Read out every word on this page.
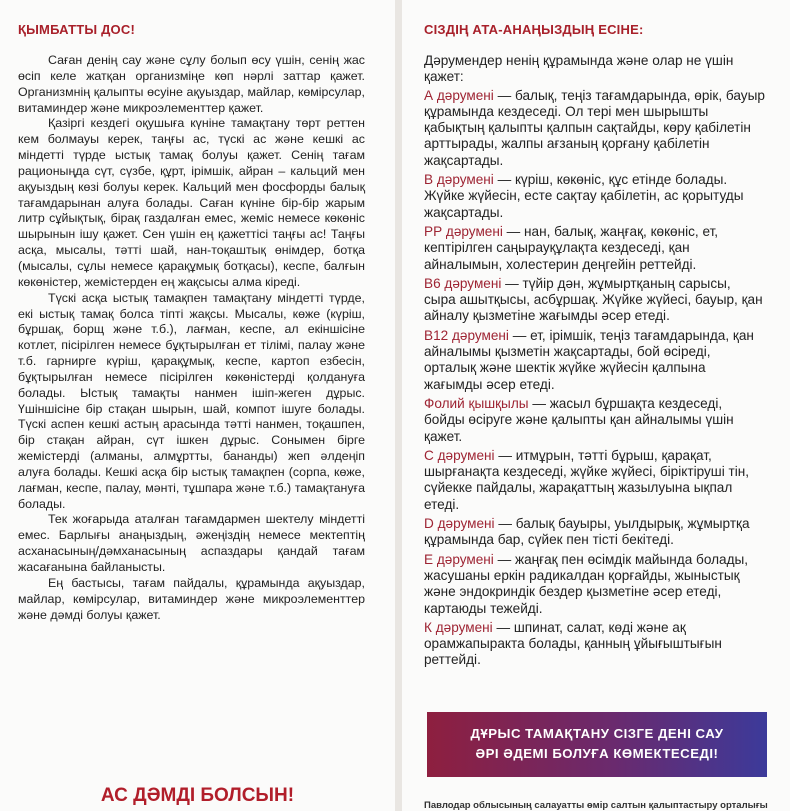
ҚЫМБАТТЫ ДОС!

Саған денің сау және сұлу болып өсу үшін, сенің жас өсіп келе жатқан организміңе көп нәрлі заттар қажет. Организмнің қалыпты өсуіне ақуыздар, майлар, көмірсулар, витаминдер және микроэлементтер қажет.

Қазіргі кездегі оқушыға күніне тамақтану төрт реттен кем болмауы керек, таңғы ас, түскі ас және кешкі ас міндетті түрде ыстық тамақ болуы қажет. Сенің тағам рационыңда сүт, сүзбе, құрт, ірімшік, айран – кальций мен ақуыздың көзі болуы керек. Кальций мен фосфорды балық тағамдарынан алуға болады. Саған күніне бір-бір жарым литр сұйықтық, бірақ газдалған емес, жеміс немесе көкөніс шырынын ішу қажет. Сен үшін ең қажеттісі таңғы ас! Таңғы асқа, мысалы, тәтті шай, нан-тоқаштық өнімдер, ботқа (мысалы, сұлы немесе қарақұмық ботқасы), кеспе, балғын көкөністер, жемістерден ең жақсысы алма кіреді.

Түскі асқа ыстық тамақпен тамақтану міндетті түрде, екі ыстық тамақ болса тіпті жақсы. Мысалы, көже (күріш, бұршақ, борщ және т.б.), лағман, кеспе, ал екіншісіне котлет, пісірілген немесе бұқтырылған ет тілімі, палау және т.б. гарнирге күріш, қарақұмық, кеспе, картоп езбесін, бұқтырылған немесе пісірілген көкөністерді қолдануға болады. Ыстық тамақты нанмен ішіп-жеген дұрыс. Үшіншісіне бір стақан шырын, шай, компот ішуге болады. Түскі аспен кешкі астың арасында тәтті нанмен, тоқашпен, бір стақан айран, сүт ішкен дұрыс. Сонымен бірге жемістерді (алманы, алмұртты, бананды) жеп әлдеңіп алуға болады. Кешкі асқа бір ыстық тамақпен (сорпа, көже, лағман, кеспе, палау, мәнті, тұшпара және т.б.) тамақтануға болады.

Тек жоғарыда аталған тағамдармен шектелу міндетті емес. Барлығы анаңыздың, әжеңіздің немесе мектептің асханасының/дәмханасының аспаздары қандай тағам жасағанына байланысты.

Ең бастысы, тағам пайдалы, құрамында ақуыздар, майлар, көмірсулар, витаминдер және микроэлементтер және дәмді болуы қажет.

АС ДӘМДІ БОЛСЫН!
СІЗДІҢ АТА-АНАҢЫЗДЫҢ ЕСІНЕ:

Дәрумендер ненің құрамында және олар не үшін қажет:

А дәрумені — балық, теңіз тағамдарында, өрік, бауыр құрамында кездеседі. Ол тері мен шырышты қабықтың қалыпты қалпын сақтайды, көру қабілетін арттырады, жалпы ағзаның қорғану қабілетін жақсартады.

В дәрумені — күріш, көкөніс, құс етінде болады. Жүйке жүйесін, есте сақтау қабілетін, ас қорытуды жақсартады.

РР дәрумені — нан, балық, жаңғақ, көкөніс, ет, кептірілген саңырауқұлақта кездеседі, қан айналымын, холестерин деңгейін реттейді.

В6 дәрумені — түйір дән, жұмыртқаның сарысы, сыра ашытқысы, асбұршақ. Жүйке жүйесі, бауыр, қан айналу қызметіне жағымды әсер етеді.

В12 дәрумені — ет, ірімшік, теңіз тағамдарында, қан айналымы қызметін жақсартады, бой өсіреді, орталық және шектік жүйке жүйесін қалпына жағымды әсер етеді.

Фолий қышқылы — жасыл бұршақта кездеседі, бойды өсіруге және қалыпты қан айналымы үшін қажет.

С дәрумені — итмұрын, тәтті бұрыш, қарақат, шырғанақта кездеседі, жүйке жүйесі, біріктіруші тін, сүйекке пайдалы, жарақаттың жазылуына ықпал етеді.

D дәрумені — балық бауыры, уылдырық, жұмыртқа құрамында бар, сүйек пен тісті бекітеді.

Е дәрумені — жаңғақ пен өсімдік майында болады, жасушаны еркін радикалдан қорғайды, жыныстық және эндокриндік бездер қызметіне әсер етеді, картаюды тежейді.

К дәрумені — шпинат, салат, көді және ақ орамжапыракта болады, қанның ұйығыштығын реттейді.

ДҰРЫС ТАМАҚТАНУ СІЗГЕ ДЕНІ САУ
ӘРІ ӘДЕМІ БОЛУҒА КӨМЕКТЕСЕДІ!
Павлодар облысының салауатты өмір салтын қалыптастыру орталығы
